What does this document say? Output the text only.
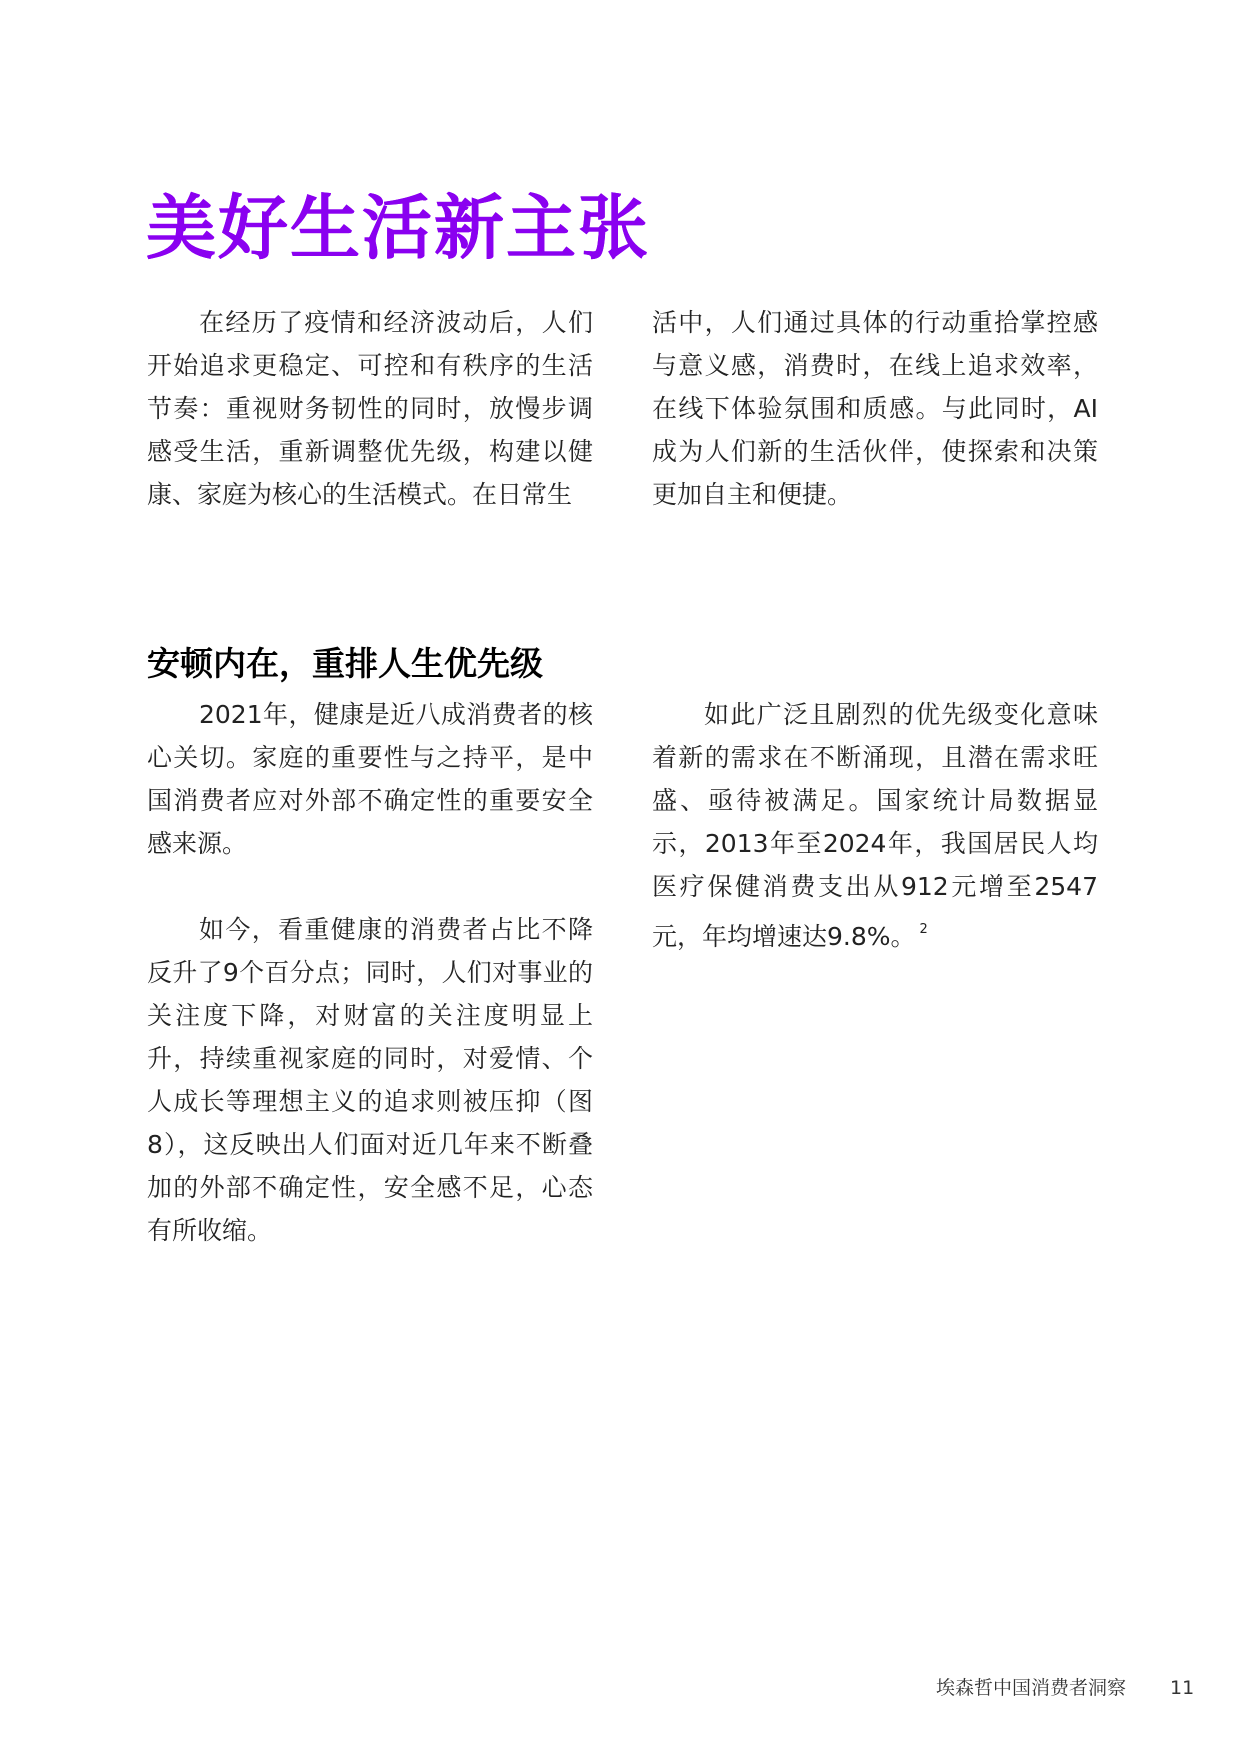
美好生活新主张

在经历了疫情和经济波动后，人们开始追求更稳定、可控和有秩序的生活节奏：重视财务韧性的同时，放慢步调感受生活，重新调整优先级，构建以健康、家庭为核心的生活模式。在日常生

活中，人们通过具体的行动重拾掌控感与意义感，消费时，在线上追求效率，在线下体验氛围和质感。与此同时，AI成为人们新的生活伙伴，使探索和决策更加自主和便捷。

安顿内在，重排人生优先级

2021年，健康是近八成消费者的核心关切。家庭的重要性与之持平，是中国消费者应对外部不确定性的重要安全感来源。

如今，看重健康的消费者占比不降反升了9个百分点；同时，人们对事业的关注度下降，对财富的关注度明显上升，持续重视家庭的同时，对爱情、个人成长等理想主义的追求则被压抑（图8），这反映出人们面对近几年来不断叠加的外部不确定性，安全感不足，心态有所收缩。

如此广泛且剧烈的优先级变化意味着新的需求在不断涌现，且潜在需求旺盛、亟待被满足。国家统计局数据显示，2013年至2024年，我国居民人均医疗保健消费支出从912元增至2547元，年均增速达9.8%。 $^2$

埃森哲中国消费者洞察 11
